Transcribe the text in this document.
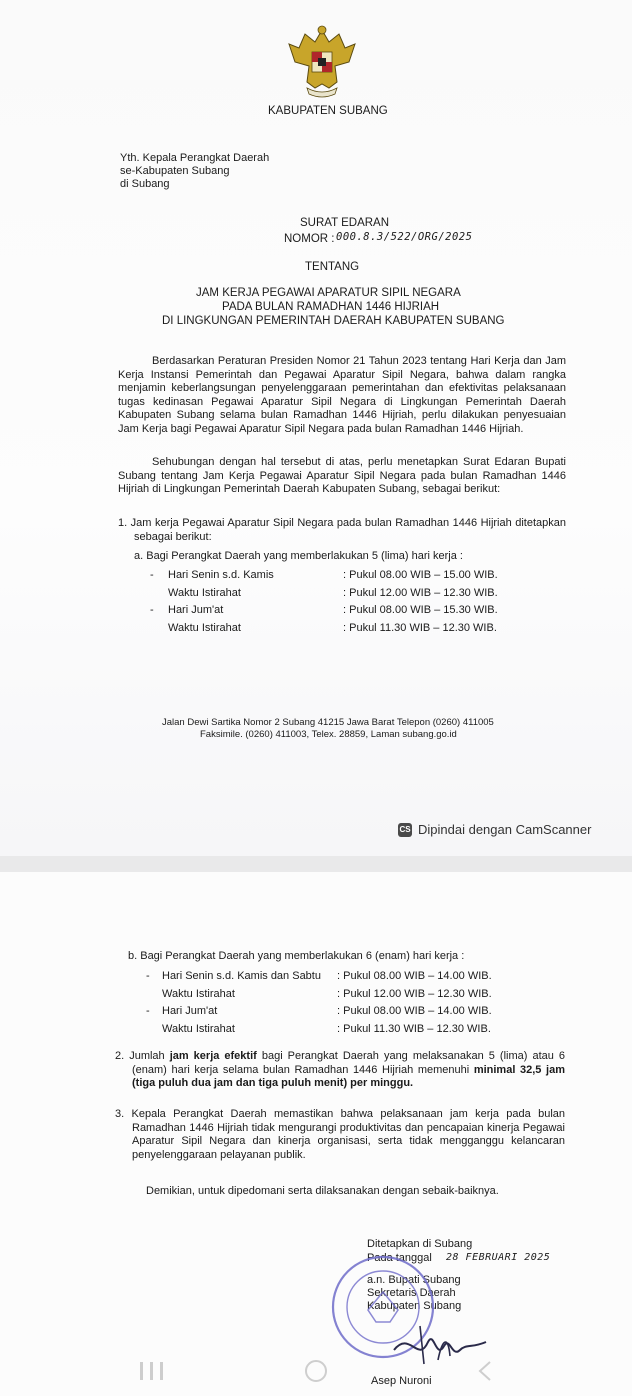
KABUPATEN SUBANG
Yth. Kepala Perangkat Daerah
se-Kabupaten Subang
di Subang
SURAT EDARAN
NOMOR : 000.8.3/522/ORG/2025
TENTANG
JAM KERJA PEGAWAI APARATUR SIPIL NEGARA
PADA BULAN RAMADHAN 1446 HIJRIAH
DI LINGKUNGAN PEMERINTAH DAERAH KABUPATEN SUBANG
Berdasarkan Peraturan Presiden Nomor 21 Tahun 2023 tentang Hari Kerja dan Jam Kerja Instansi Pemerintah dan Pegawai Aparatur Sipil Negara, bahwa dalam rangka menjamin keberlangsungan penyelenggaraan pemerintahan dan efektivitas pelaksanaan tugas kedinasan Pegawai Aparatur Sipil Negara di Lingkungan Pemerintah Daerah Kabupaten Subang selama bulan Ramadhan 1446 Hijriah, perlu dilakukan penyesuaian Jam Kerja bagi Pegawai Aparatur Sipil Negara pada bulan Ramadhan 1446 Hijriah.
Sehubungan dengan hal tersebut di atas, perlu menetapkan Surat Edaran Bupati Subang tentang Jam Kerja Pegawai Aparatur Sipil Negara pada bulan Ramadhan 1446 Hijriah di Lingkungan Pemerintah Daerah Kabupaten Subang, sebagai berikut:
1. Jam kerja Pegawai Aparatur Sipil Negara pada bulan Ramadhan 1446 Hijriah ditetapkan sebagai berikut:
a. Bagi Perangkat Daerah yang memberlakukan 5 (lima) hari kerja :
- Hari Senin s.d. Kamis	: Pukul 08.00 WIB – 15.00 WIB.
Waktu Istirahat	: Pukul 12.00 WIB – 12.30 WIB.
- Hari Jum'at	: Pukul 08.00 WIB – 15.30 WIB.
Waktu Istirahat	: Pukul 11.30 WIB – 12.30 WIB.
Jalan Dewi Sartika Nomor 2 Subang 41215 Jawa Barat Telepon (0260) 411005
Faksimile. (0260) 411003, Telex. 28859, Laman subang.go.id
CS Dipindai dengan CamScanner
b. Bagi Perangkat Daerah yang memberlakukan 6 (enam) hari kerja :
- Hari Senin s.d. Kamis dan Sabtu : Pukul 08.00 WIB – 14.00 WIB.
Waktu Istirahat	: Pukul 12.00 WIB – 12.30 WIB.
- Hari Jum'at	: Pukul 08.00 WIB – 14.00 WIB.
Waktu Istirahat	: Pukul 11.30 WIB – 12.30 WIB.
2. Jumlah jam kerja efektif bagi Perangkat Daerah yang melaksanakan 5 (lima) atau 6 (enam) hari kerja selama bulan Ramadhan 1446 Hijriah memenuhi minimal 32,5 jam (tiga puluh dua jam dan tiga puluh menit) per minggu.
3. Kepala Perangkat Daerah memastikan bahwa pelaksanaan jam kerja pada bulan Ramadhan 1446 Hijriah tidak mengurangi produktivitas dan pencapaian kinerja Pegawai Aparatur Sipil Negara dan kinerja organisasi, serta tidak mengganggu kelancaran penyelenggaraan pelayanan publik.
Demikian, untuk dipedomani serta dilaksanakan dengan sebaik-baiknya.
Ditetapkan di Subang
Pada tanggal 28 FEBRUARI 2025
a.n. Bupati Subang
Sekretaris Daerah
Kabupaten Subang
Asep Nuroni
